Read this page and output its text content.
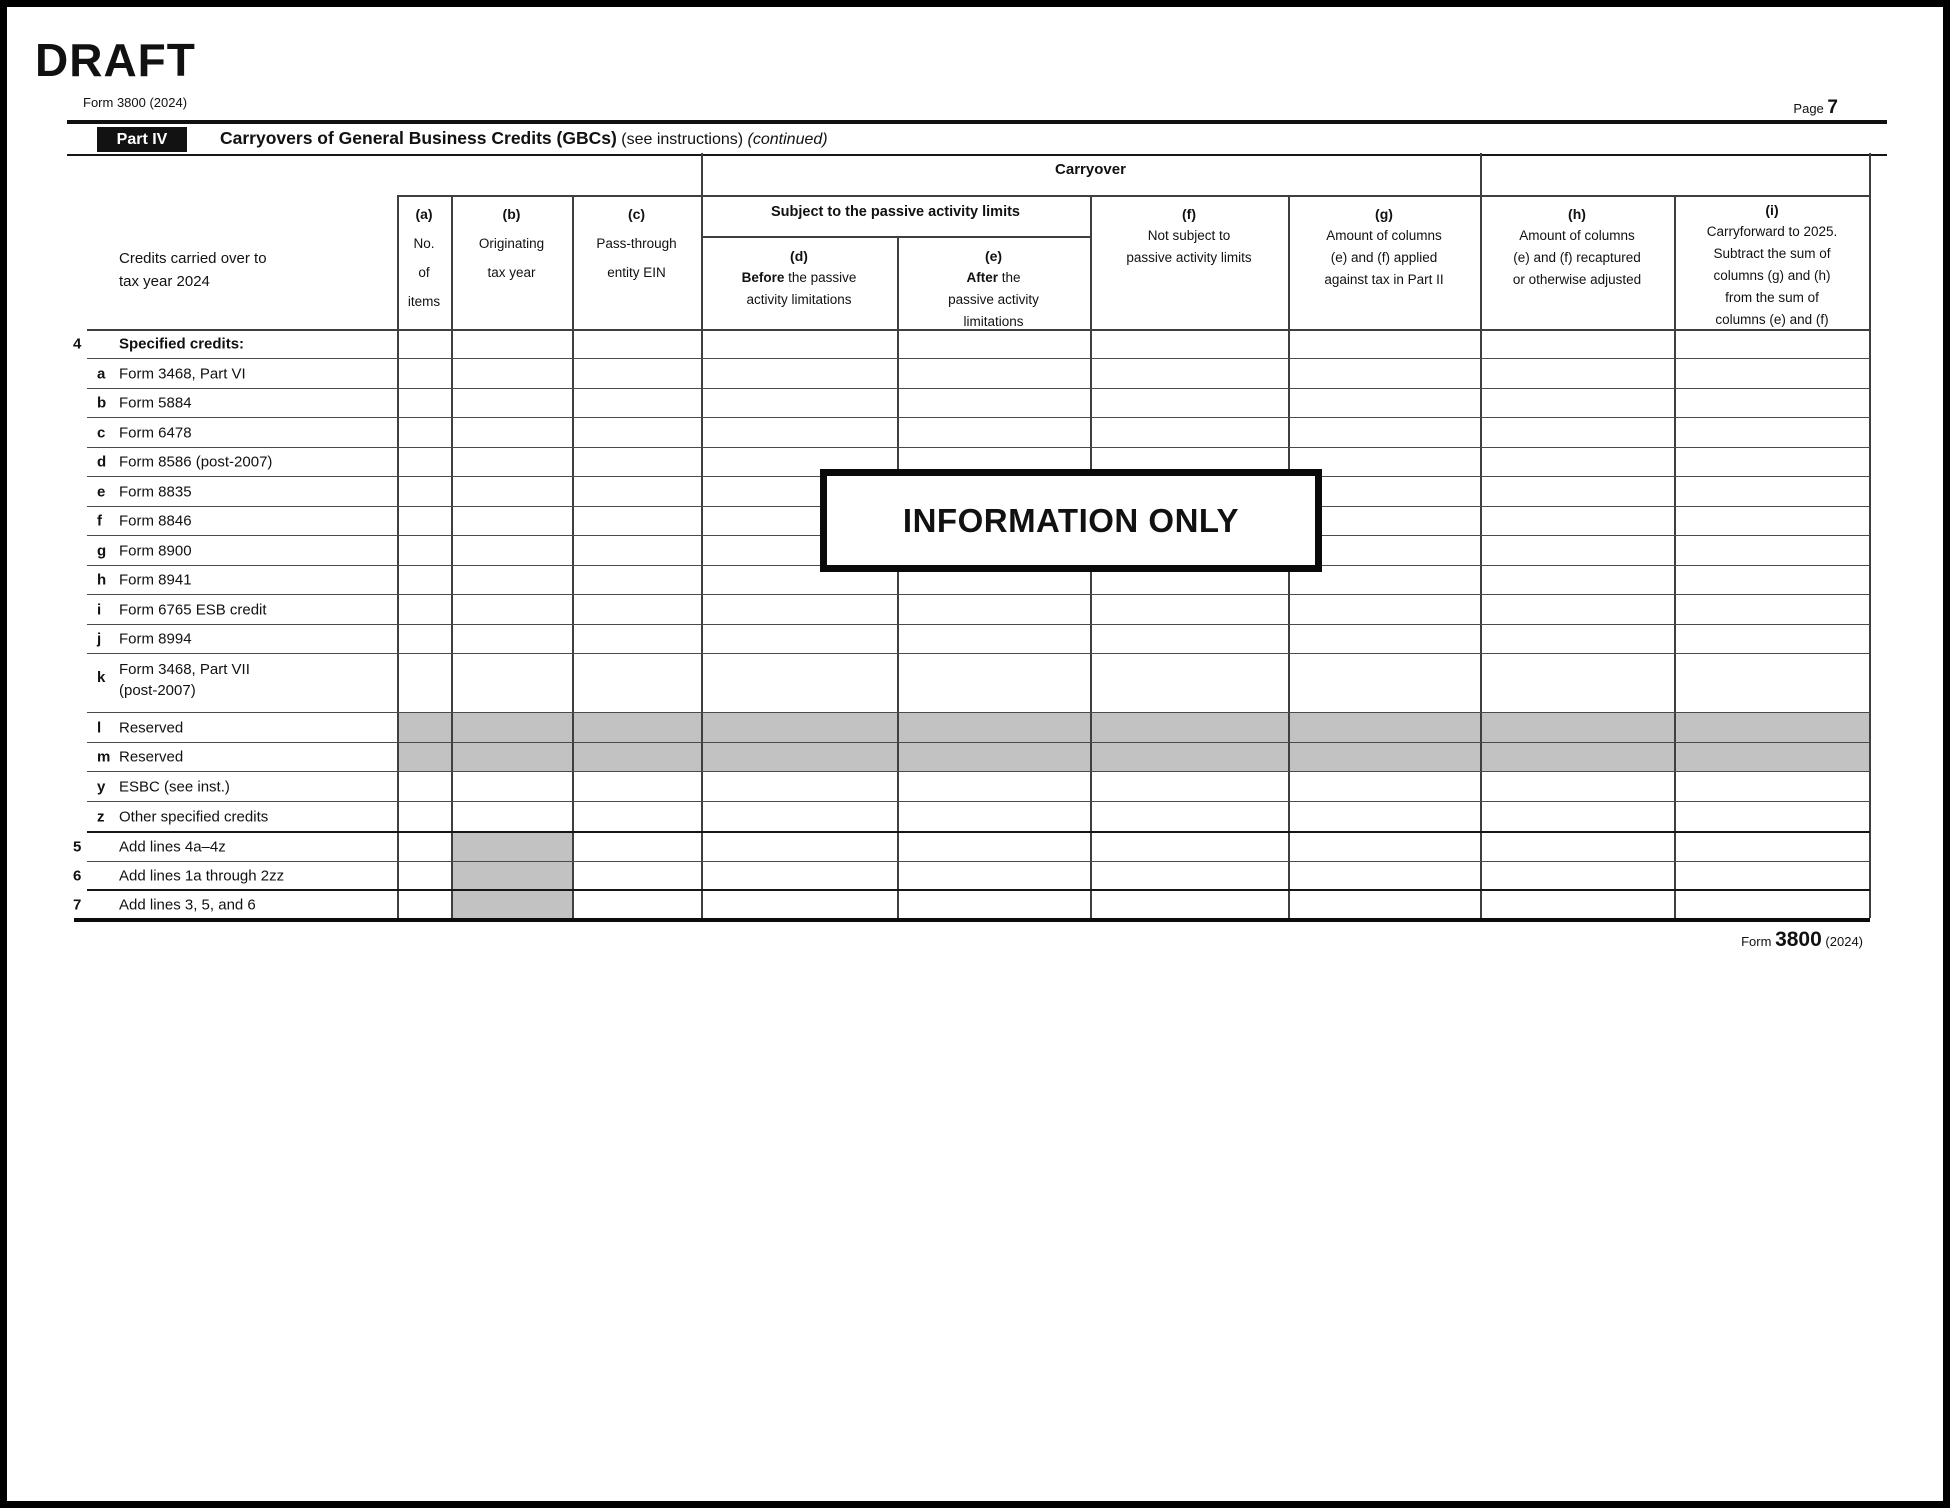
DRAFT
Form 3800 (2024)	Page 7
Part IV	Carryovers of General Business Credits (GBCs) (see instructions) (continued)
Carryover
Subject to the passive activity limits
Credits carried over to
tax year 2024
(a)
No.
of
items
(b)
Originating
tax year
(c)
Pass-through
entity EIN
(d)
Before the passive
activity limitations
(e)
After the
passive activity
limitations
(f)
Not subject to
passive activity limits
(g)
Amount of columns
(e) and (f) applied
against tax in Part II
(h)
Amount of columns
(e) and (f) recaptured
or otherwise adjusted
(i)
Carryforward to 2025.
Subtract the sum of
columns (g) and (h)
from the sum of
columns (e) and (f)
4	Specified credits:
a Form 3468, Part VI
b Form 5884
c Form 6478
d Form 8586 (post-2007)
e Form 8835
f Form 8846
g Form 8900
h Form 8941
i Form 6765 ESB credit
j Form 8994
k Form 3468, Part VII
(post-2007)
l Reserved
m Reserved
y ESBC (see inst.)
z Other specified credits
5	Add lines 4a–4z
6	Add lines 1a through 2zz
7	Add lines 3, 5, and 6
INFORMATION ONLY
Form 3800 (2024)
